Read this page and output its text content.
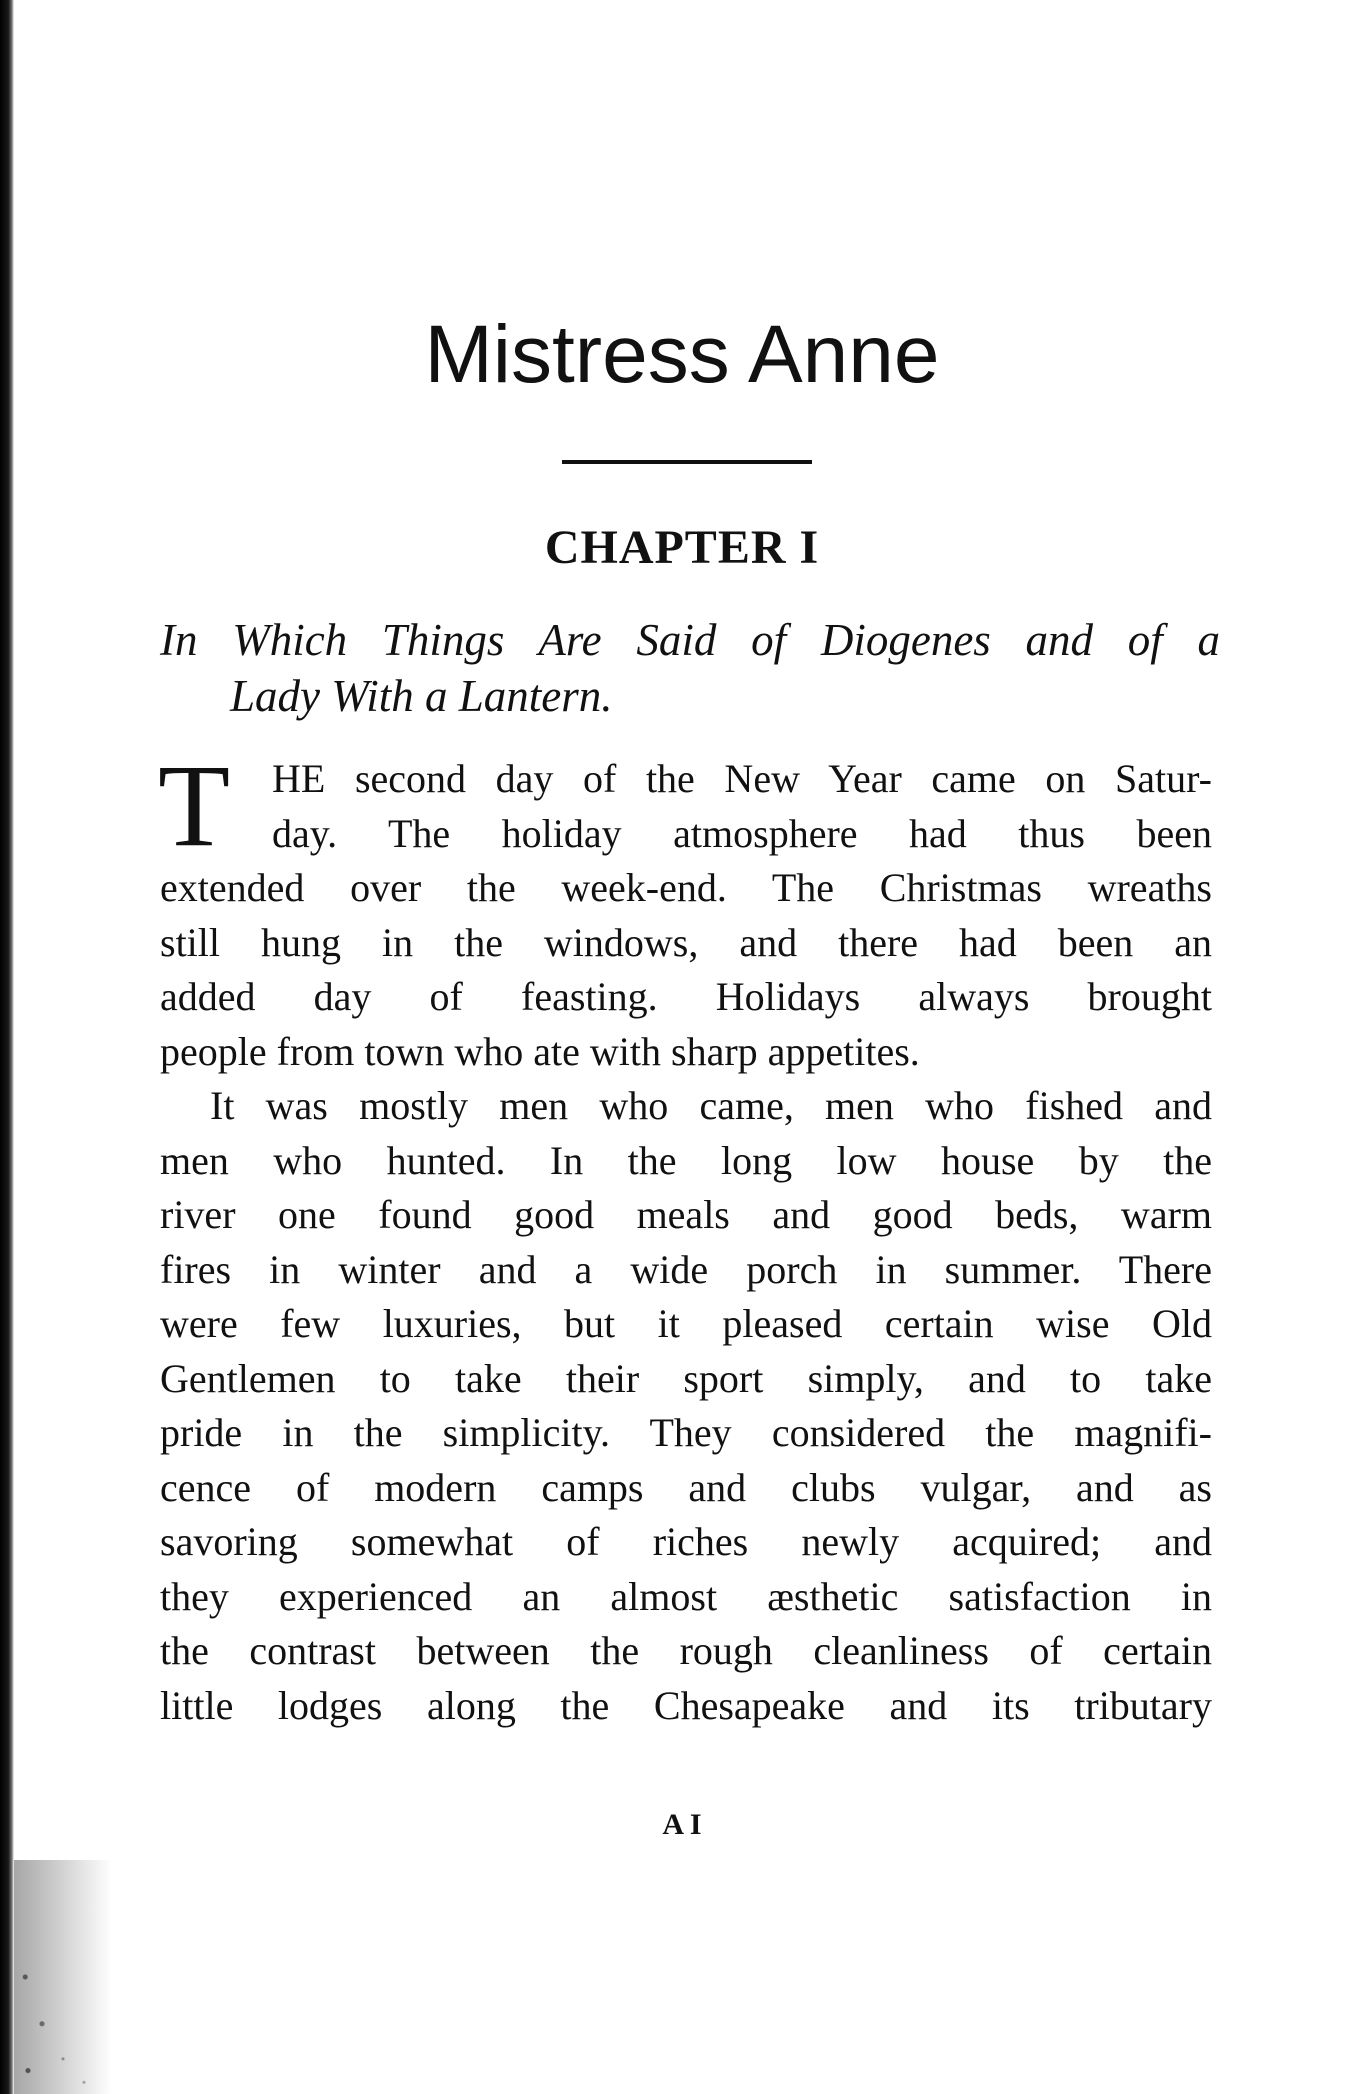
Mistress Anne
CHAPTER I

In Which Things Are Said of Diogenes and of a
Lady With a Lantern.

T	HE second day of the New Year came on Satur-
day. The holiday atmosphere had thus been
extended over the week-end. The Christmas wreaths
still hung in the windows, and there had been an
added day of feasting. Holidays always brought
people from town who ate with sharp appetites.
It was mostly men who came, men who fished and
men who hunted. In the long low house by the
river one found good meals and good beds, warm
fires in winter and a wide porch in summer. There
were few luxuries, but it pleased certain wise Old
Gentlemen to take their sport simply, and to take
pride in the simplicity. They considered the magnifi-
cence of modern camps and clubs vulgar, and as
savoring somewhat of riches newly acquired; and
they experienced an almost æsthetic satisfaction in
the contrast between the rough cleanliness of certain
little lodges along the Chesapeake and its tributary
A I
